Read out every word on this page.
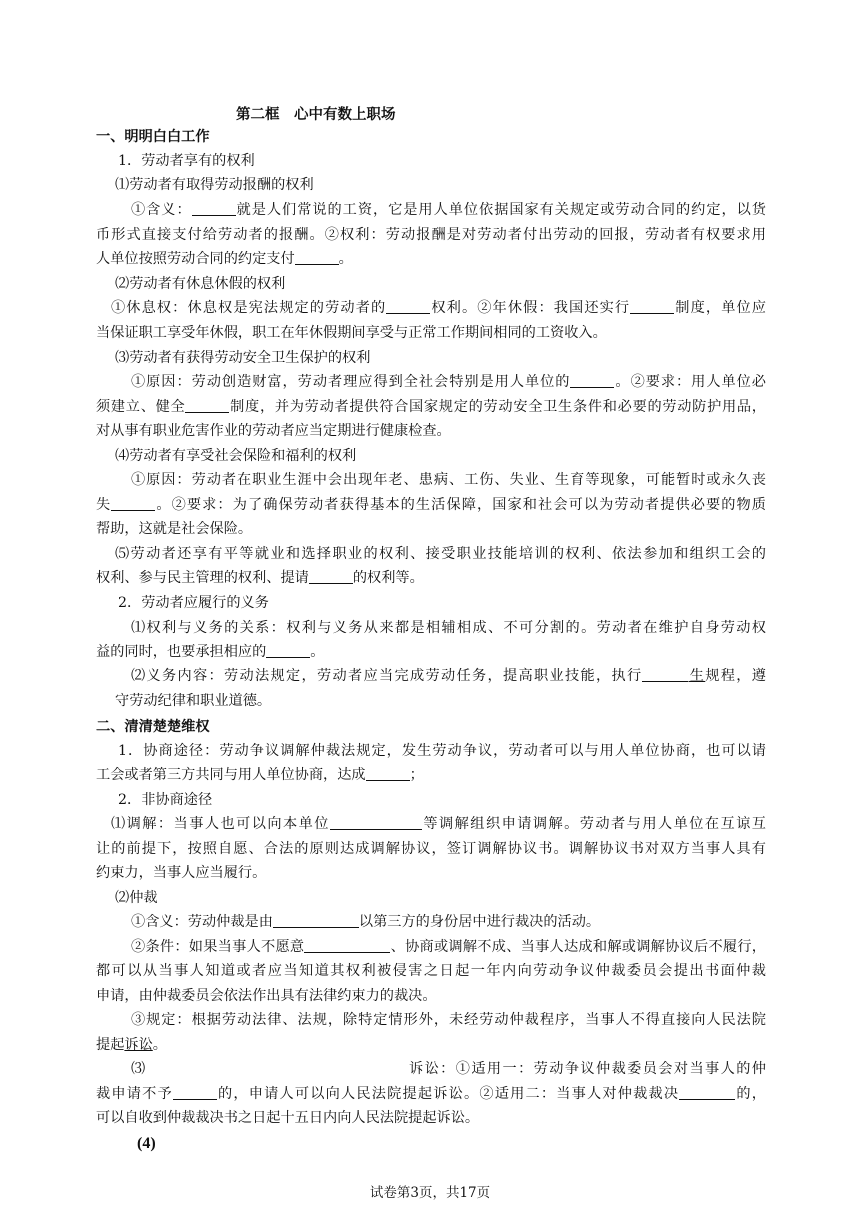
第二框　心中有数上职场
一、明明白白工作
1．劳动者享有的权利
⑴劳动者有取得劳动报酬的权利
①含义：	就是人们常说的工资，它是用人单位依据国家有关规定或劳动合同的约定，以货
币形式直接支付给劳动者的报酬。②权利：劳动报酬是对劳动者付出劳动的回报，劳动者有权要求用
人单位按照劳动合同的约定支付	。
⑵劳动者有休息休假的权利
①休息权：休息权是宪法规定的劳动者的	权利。②年休假：我国还实行	制度，单位应
当保证职工享受年休假，职工在年休假期间享受与正常工作期间相同的工资收入。
⑶劳动者有获得劳动安全卫生保护的权利
①原因：劳动创造财富，劳动者理应得到全社会特别是用人单位的	。②要求：用人单位必
须建立、健全	制度，并为劳动者提供符合国家规定的劳动安全卫生条件和必要的劳动防护用品，
对从事有职业危害作业的劳动者应当定期进行健康检查。
⑷劳动者有享受社会保险和福利的权利
①原因：劳动者在职业生涯中会出现年老、患病、工伤、失业、生育等现象，可能暂时或永久丧
失	。②要求：为了确保劳动者获得基本的生活保障，国家和社会可以为劳动者提供必要的物质
帮助，这就是社会保险。
⑸劳动者还享有平等就业和选择职业的权利、接受职业技能培训的权利、依法参加和组织工会的
权利、参与民主管理的权利、提请	的权利等。
2．劳动者应履行的义务
⑴权利与义务的关系：权利与义务从来都是相辅相成、不可分割的。劳动者在维护自身劳动权
益的同时，也要承担相应的	。
⑵义务内容：劳动法规定，劳动者应当完成劳动任务，提高职业技能，执行	生规程，遵
守劳动纪律和职业道德。
二、清清楚楚维权
1．协商途径：劳动争议调解仲裁法规定，发生劳动争议，劳动者可以与用人单位协商，也可以请
工会或者第三方共同与用人单位协商，达成	；
2．非协商途径
⑴调解：当事人也可以向本单位	等调解组织申请调解。劳动者与用人单位在互谅互
让的前提下，按照自愿、合法的原则达成调解协议，签订调解协议书。调解协议书对双方当事人具有
约束力，当事人应当履行。
⑵仲裁
①含义：劳动仲裁是由	以第三方的身份居中进行裁决的活动。
②条件：如果当事人不愿意	、协商或调解不成、当事人达成和解或调解协议后不履行，
都可以从当事人知道或者应当知道其权利被侵害之日起一年内向劳动争议仲裁委员会提出书面仲裁
申请，由仲裁委员会依法作出具有法律约束力的裁决。
③规定：根据劳动法律、法规，除特定情形外，未经劳动仲裁程序，当事人不得直接向人民法院
提起诉讼。
⑶	诉讼：①适用一：劳动争议仲裁委员会对当事人的仲
裁申请不予	的，申请人可以向人民法院提起诉讼。②适用二：当事人对仲裁裁决	的，
可以自收到仲裁裁决书之日起十五日内向人民法院提起诉讼。
(4)
试卷第3页，共17页
